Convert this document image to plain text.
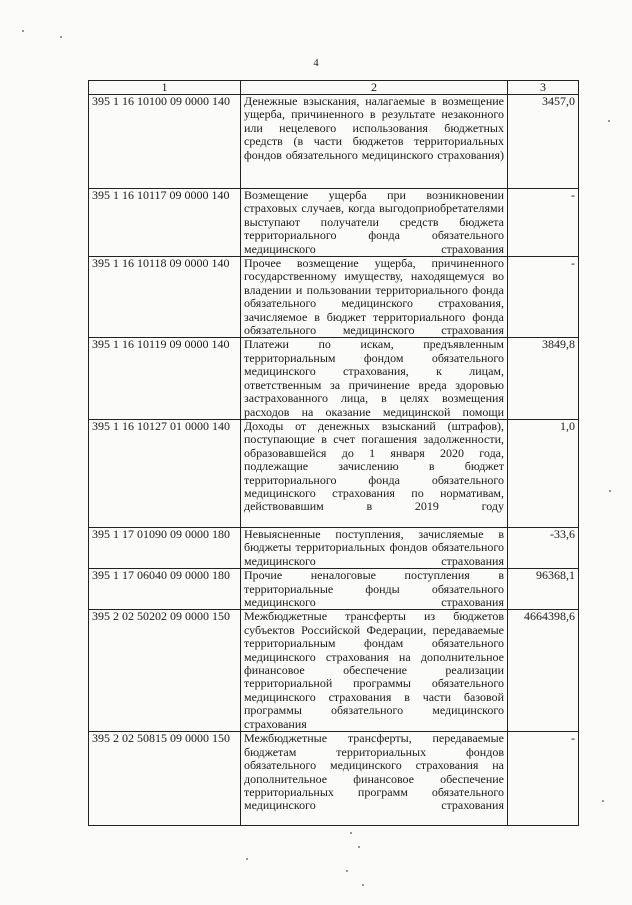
4
1	2	3
395 1 16 10100 09 0000 140	Денежные взыскания, налагаемые в возмещение ущерба, причиненного в результате незаконного или нецелевого использования бюджетных средств (в части бюджетов территориальных фондов обязательного медицинского страхования)	3457,0
395 1 16 10117 09 0000 140	Возмещение ущерба при возникновении страховых случаев, когда выгодоприобретателями выступают получатели средств бюджета территориального фонда обязательного медицинского страхования	-
395 1 16 10118 09 0000 140	Прочее возмещение ущерба, причиненного государственному имуществу, находящемуся во владении и пользовании территориального фонда обязательного медицинского страхования, зачисляемое в бюджет территориального фонда обязательного медицинского страхования	-
395 1 16 10119 09 0000 140	Платежи по искам, предъявленным территориальным фондом обязательного медицинского страхования, к лицам, ответственным за причинение вреда здоровью застрахованного лица, в целях возмещения расходов на оказание медицинской помощи	3849,8
395 1 16 10127 01 0000 140	Доходы от денежных взысканий (штрафов), поступающие в счет погашения задолженности, образовавшейся до 1 января 2020 года, подлежащие зачислению в бюджет территориального фонда обязательного медицинского страхования по нормативам, действовавшим в 2019 году	1,0
395 1 17 01090 09 0000 180	Невыясненные поступления, зачисляемые в бюджеты территориальных фондов обязательного медицинского страхования	-33,6
395 1 17 06040 09 0000 180	Прочие неналоговые поступления в территориальные фонды обязательного медицинского страхования	96368,1
395 2 02 50202 09 0000 150	Межбюджетные трансферты из бюджетов субъектов Российской Федерации, передаваемые территориальным фондам обязательного медицинского страхования на дополнительное финансовое обеспечение реализации территориальной программы обязательного медицинского страхования в части базовой программы обязательного медицинского страхования	4664398,6
395 2 02 50815 09 0000 150	Межбюджетные трансферты, передаваемые бюджетам территориальных фондов обязательного медицинского страхования на дополнительное финансовое обеспечение территориальных программ обязательного медицинского страхования	-
